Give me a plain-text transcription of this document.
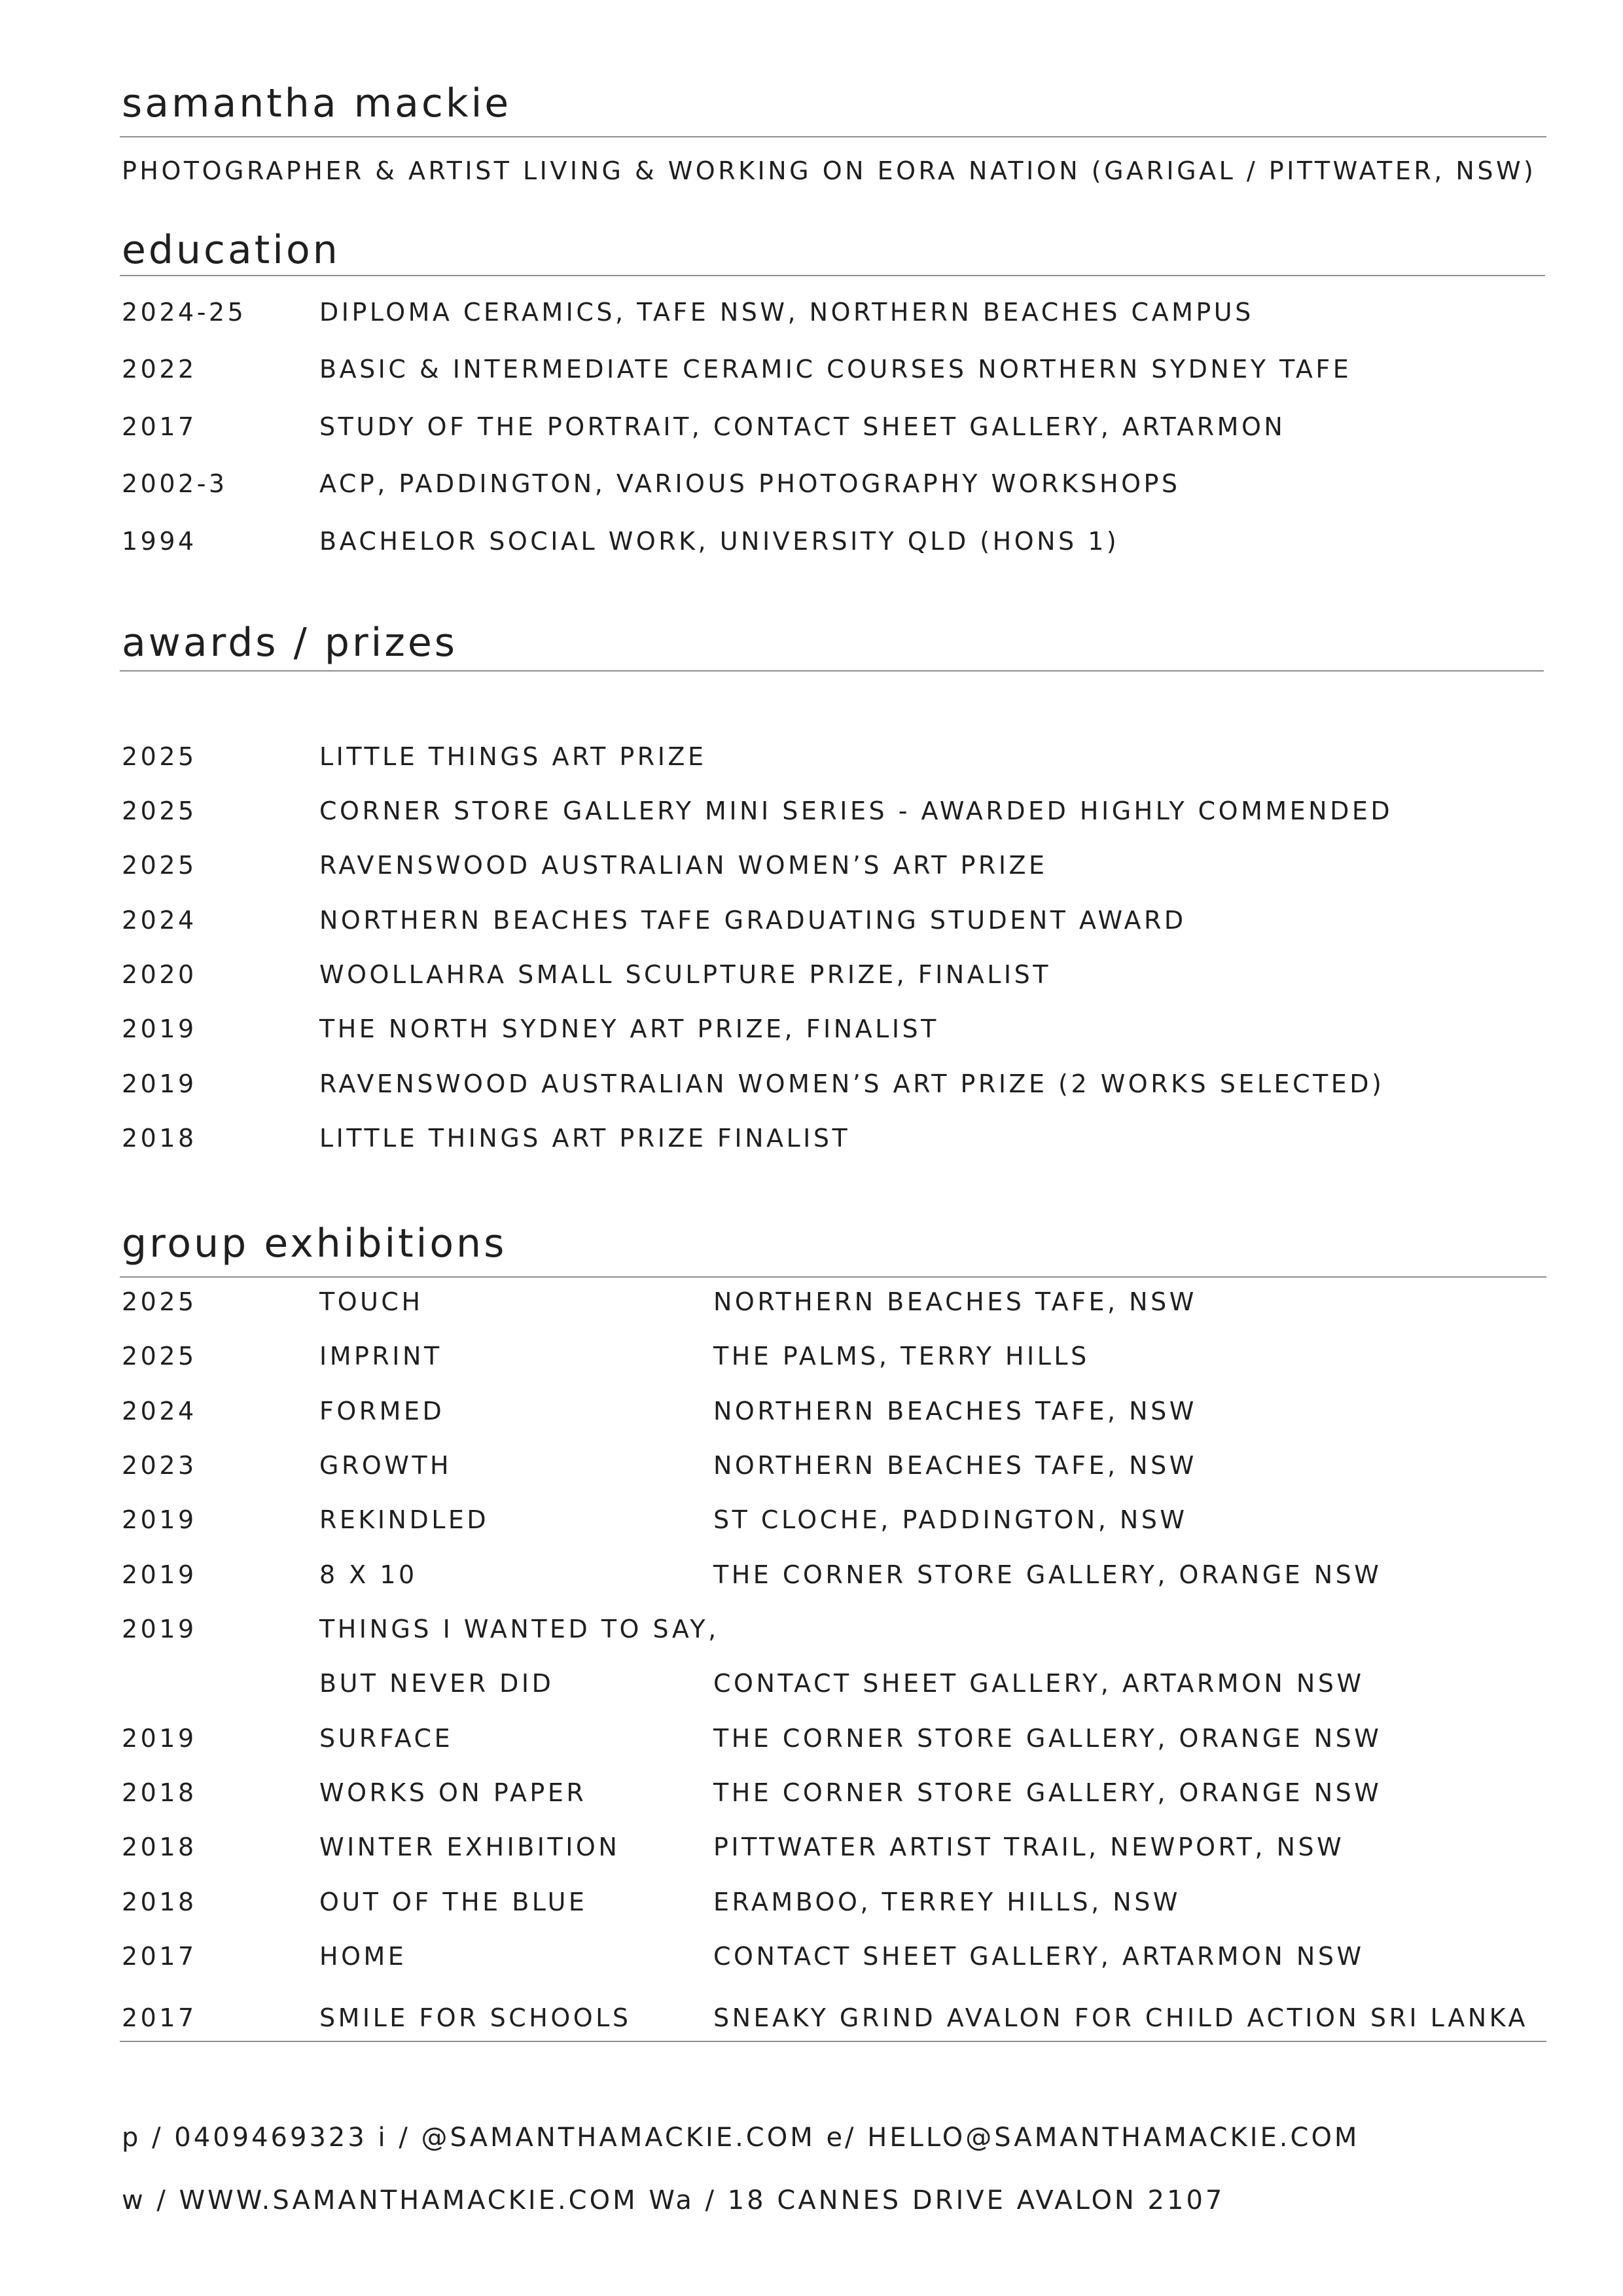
samantha mackie
PHOTOGRAPHER & ARTIST LIVING & WORKING ON EORA NATION (GARIGAL / PITTWATER, NSW)
education
2024-25	DIPLOMA CERAMICS, TAFE NSW, NORTHERN BEACHES CAMPUS
2022	BASIC & INTERMEDIATE CERAMIC COURSES NORTHERN SYDNEY TAFE
2017	STUDY OF THE PORTRAIT, CONTACT SHEET GALLERY, ARTARMON
2002-3	ACP, PADDINGTON, VARIOUS PHOTOGRAPHY WORKSHOPS
1994	BACHELOR SOCIAL WORK, UNIVERSITY QLD (HONS 1)
awards / prizes
2025	LITTLE THINGS ART PRIZE
2025	CORNER STORE GALLERY MINI SERIES - AWARDED HIGHLY COMMENDED
2025	RAVENSWOOD AUSTRALIAN WOMEN’S ART PRIZE
2024	NORTHERN BEACHES TAFE GRADUATING STUDENT AWARD
2020	WOOLLAHRA SMALL SCULPTURE PRIZE, FINALIST
2019	THE NORTH SYDNEY ART PRIZE, FINALIST
2019	RAVENSWOOD AUSTRALIAN WOMEN’S ART PRIZE (2 WORKS SELECTED)
2018	LITTLE THINGS ART PRIZE FINALIST
group exhibitions
2025	TOUCH	NORTHERN BEACHES TAFE, NSW
2025	IMPRINT	THE PALMS, TERRY HILLS
2024	FORMED	NORTHERN BEACHES TAFE, NSW
2023	GROWTH	NORTHERN BEACHES TAFE, NSW
2019	REKINDLED	ST CLOCHE, PADDINGTON, NSW
2019	8 X 10	THE CORNER STORE GALLERY, ORANGE NSW
2019	THINGS I WANTED TO SAY,
BUT NEVER DID	CONTACT SHEET GALLERY, ARTARMON NSW
2019	SURFACE	THE CORNER STORE GALLERY, ORANGE NSW
2018	WORKS ON PAPER	THE CORNER STORE GALLERY, ORANGE NSW
2018	WINTER EXHIBITION	PITTWATER ARTIST TRAIL, NEWPORT, NSW
2018	OUT OF THE BLUE	ERAMBOO, TERREY HILLS, NSW
2017	HOME	CONTACT SHEET GALLERY, ARTARMON NSW
2017	SMILE FOR SCHOOLS	SNEAKY GRIND AVALON FOR CHILD ACTION SRI LANKA
p / 0409469323 i / @SAMANTHAMACKIE.COM e/ HELLO@SAMANTHAMACKIE.COM
w / WWW.SAMANTHAMACKIE.COM Wa / 18 CANNES DRIVE AVALON 2107
